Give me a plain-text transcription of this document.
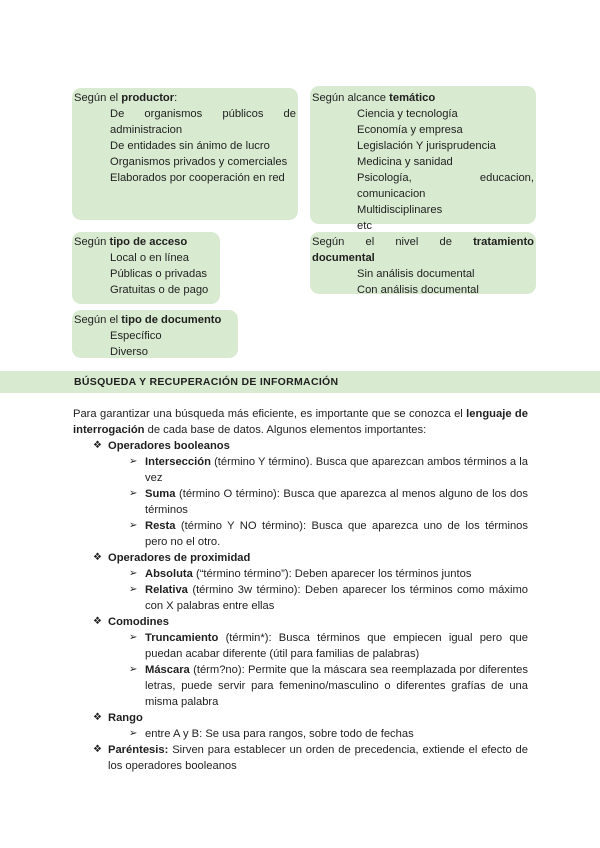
Según el productor:
De organismos públicos de administracion
De entidades sin ánimo de lucro
Organismos privados y comerciales
Elaborados por cooperación en red
Según alcance temático
Ciencia y tecnología
Economía y empresa
Legislación Y jurisprudencia
Medicina y sanidad
Psicología, educacion, comunicacion
Multidisciplinares
etc
Según tipo de acceso
Local o en línea
Públicas o privadas
Gratuitas o de pago
Según el nivel de tratamiento
documental
Sin análisis documental
Con análisis documental
Según el tipo de documento
Específico
Diverso
BÚSQUEDA Y RECUPERACIÓN DE INFORMACIÓN
Para garantizar una búsqueda más eficiente, es importante que se conozca el lenguaje de interrogación de cada base de datos. Algunos elementos importantes:
❖ Operadores booleanos
➢ Intersección (término Y término). Busca que aparezcan ambos términos a la vez
➢ Suma (término O término): Busca que aparezca al menos alguno de los dos términos
➢ Resta (término Y NO término): Busca que aparezca uno de los términos pero no el otro.
❖ Operadores de proximidad
➢ Absoluta (“término término”): Deben aparecer los términos juntos
➢ Relativa (término 3w término): Deben aparecer los términos como máximo con X palabras entre ellas
❖ Comodines
➢ Truncamiento (términ*): Busca términos que empiecen igual pero que puedan acabar diferente (útil para familias de palabras)
➢ Máscara (térm?no): Permite que la máscara sea reemplazada por diferentes letras, puede servir para femenino/masculino o diferentes grafías de una misma palabra
❖ Rango
➢ entre A y B: Se usa para rangos, sobre todo de fechas
❖ Paréntesis: Sirven para establecer un orden de precedencia, extiende el efecto de los operadores booleanos
